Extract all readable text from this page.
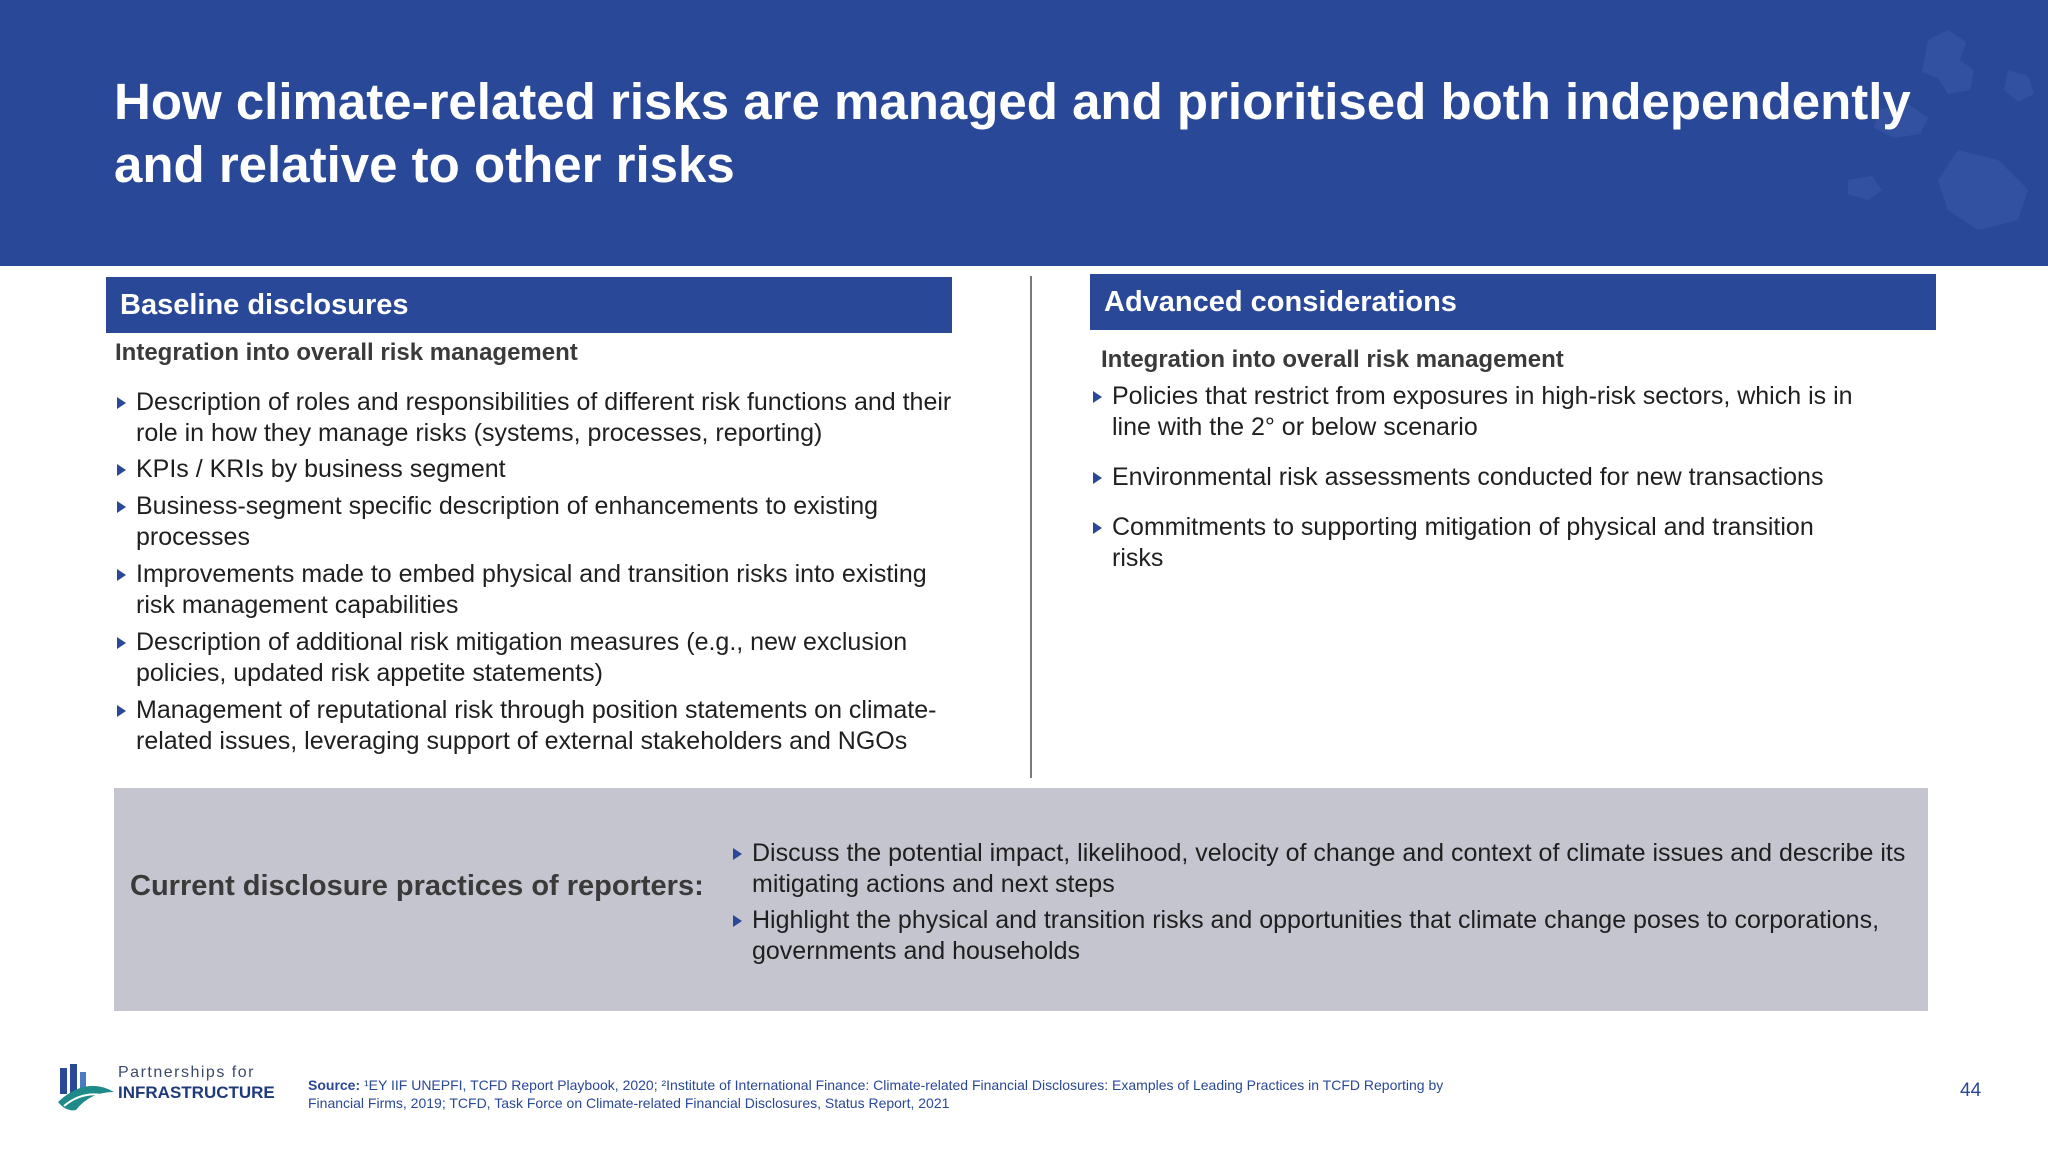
How climate-related risks are managed and prioritised both independently and relative to other risks
Baseline disclosures
Integration into overall risk management
Description of roles and responsibilities of different risk functions and their role in how they manage risks (systems, processes, reporting)
KPIs / KRIs by business segment
Business-segment specific description of enhancements to existing processes
Improvements made to embed physical and transition risks into existing risk management capabilities
Description of additional risk mitigation measures (e.g., new exclusion policies, updated risk appetite statements)
Management of reputational risk through position statements on climate-related issues, leveraging support of external stakeholders and NGOs
Advanced considerations
Integration into overall risk management
Policies that restrict from exposures in high-risk sectors, which is in line with the 2° or below scenario
Environmental risk assessments conducted for new transactions
Commitments to supporting mitigation of physical and transition risks
Current disclosure practices of reporters:
Discuss the potential impact, likelihood, velocity of change and context of climate issues and describe its mitigating actions and next steps
Highlight the physical and transition risks and opportunities that climate change poses to corporations, governments and households
Partnerships for
INFRASTRUCTURE Source: ¹EY IIF UNEPFI, TCFD Report Playbook, 2020; ²Institute of International Finance: Climate-related Financial Disclosures: Examples of Leading Practices in TCFD Reporting by Financial Firms, 2019; TCFD, Task Force on Climate-related Financial Disclosures, Status Report, 2021
44
